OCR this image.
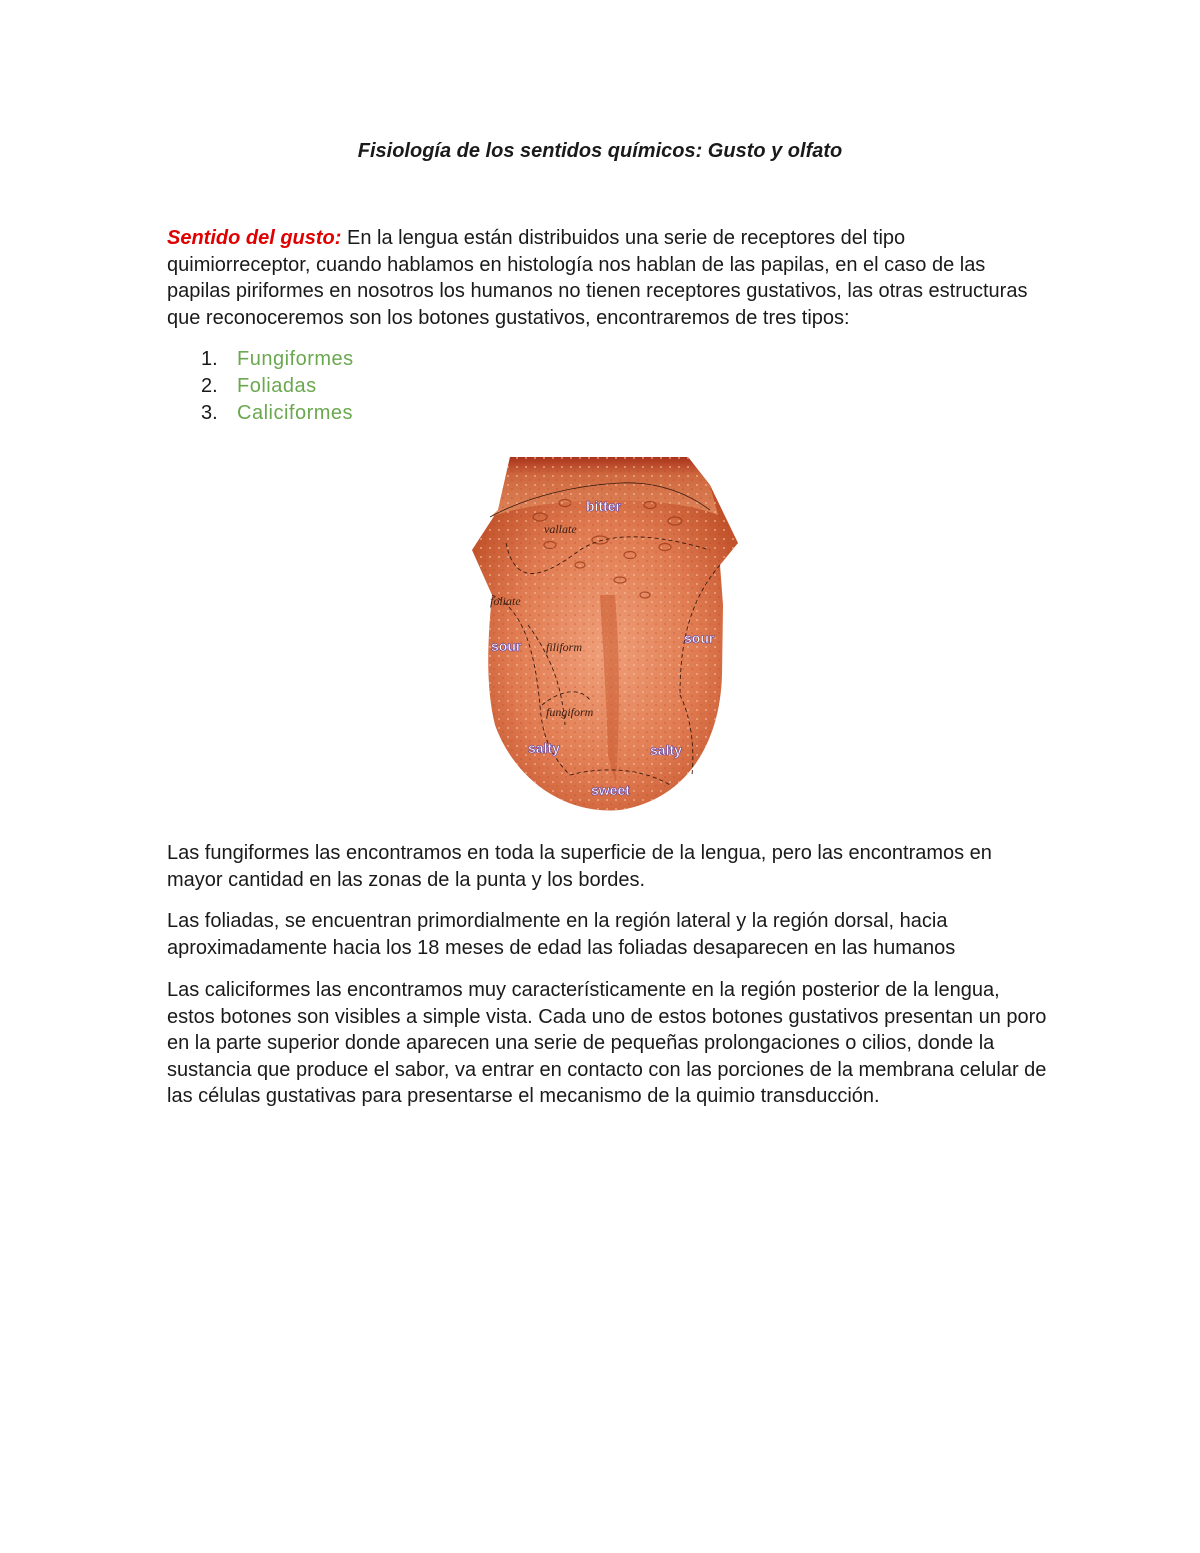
Fisiología de los sentidos químicos: Gusto y olfato

Sentido del gusto: En la lengua están distribuidos una serie de receptores del tipo quimiorreceptor, cuando hablamos en histología nos hablan de las papilas, en el caso de las papilas piriformes en nosotros los humanos no tienen receptores gustativos, las otras estructuras que reconoceremos son los botones gustativos, encontraremos de tres tipos:

1. Fungiformes
2. Foliadas
3. Caliciformes
vallate
foliate
filiform
fungiform
bitter
sour	sour
salty	salty
sweet

Las fungiformes las encontramos en toda la superficie de la lengua, pero las encontramos en mayor cantidad en las zonas de la punta y los bordes.

Las foliadas, se encuentran primordialmente en la región lateral y la región dorsal, hacia aproximadamente hacia los 18 meses de edad las foliadas desaparecen en las humanos

Las caliciformes las encontramos muy característicamente en la región posterior de la lengua, estos botones son visibles a simple vista. Cada uno de estos botones gustativos presentan un poro en la parte superior donde aparecen una serie de pequeñas prolongaciones o cilios, donde la sustancia que produce el sabor, va entrar en contacto con las porciones de la membrana celular de las células gustativas para presentarse el mecanismo de la quimio transducción.
